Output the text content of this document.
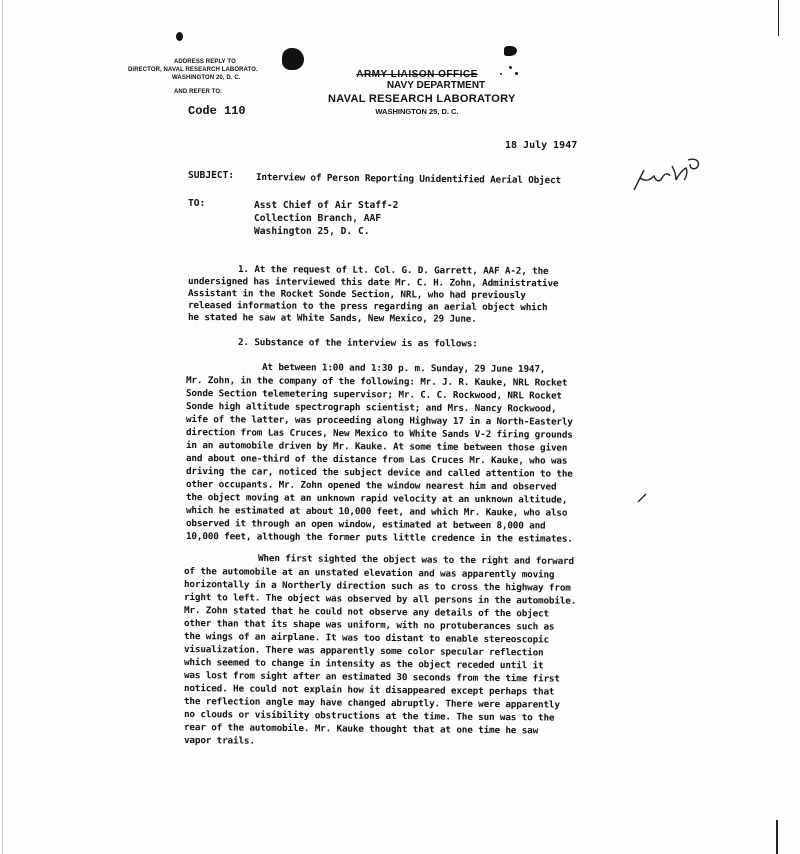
ADDRESS REPLY TO
DIRECTOR, NAVAL RESEARCH LABORATO.
WASHINGTON 20, D. C.
AND REFER TO:
Code 110
ARMY LIAISON OFFICE
NAVY DEPARTMENT
NAVAL RESEARCH LABORATORY
WASHINGTON 25, D. C.
18 July 1947
SUBJECT: Interview of Person Reporting Unidentified Aerial Object
TO:	Asst Chief of Air Staff-2
Collection Branch, AAF
Washington 25, D. C.
1. At the request of Lt. Col. G. D. Garrett, AAF A-2, the
undersigned has interviewed this date Mr. C. H. Zohn, Administrative
Assistant in the Rocket Sonde Section, NRL, who had previously
released information to the press regarding an aerial object which
he stated he saw at White Sands, New Mexico, 29 June.
2. Substance of the interview is as follows:
At between 1:00 and 1:30 p. m. Sunday, 29 June 1947,
Mr. Zohn, in the company of the following: Mr. J. R. Kauke, NRL Rocket
Sonde Section telemetering supervisor; Mr. C. C. Rockwood, NRL Rocket
Sonde high altitude spectrograph scientist; and Mrs. Nancy Rockwood,
wife of the latter, was proceeding along Highway 17 in a North-Easterly
direction from Las Cruces, New Mexico to White Sands V-2 firing grounds
in an automobile driven by Mr. Kauke. At some time between those given
and about one-third of the distance from Las Cruces Mr. Kauke, who was
driving the car, noticed the subject device and called attention to the
other occupants. Mr. Zohn opened the window nearest him and observed
the object moving at an unknown rapid velocity at an unknown altitude,
which he estimated at about 10,000 feet, and which Mr. Kauke, who also
observed it through an open window, estimated at between 8,000 and
10,000 feet, although the former puts little credence in the estimates.
When first sighted the object was to the right and forward
of the automobile at an unstated elevation and was apparently moving
horizontally in a Northerly direction such as to cross the highway from
right to left. The object was observed by all persons in the automobile.
Mr. Zohn stated that he could not observe any details of the object
other than that its shape was uniform, with no protuberances such as
the wings of an airplane. It was too distant to enable stereoscopic
visualization. There was apparently some color specular reflection
which seemed to change in intensity as the object receded until it
was lost from sight after an estimated 30 seconds from the time first
noticed. He could not explain how it disappeared except perhaps that
the reflection angle may have changed abruptly. There were apparently
no clouds or visibility obstructions at the time. The sun was to the
rear of the automobile. Mr. Kauke thought that at one time he saw
vapor trails.
